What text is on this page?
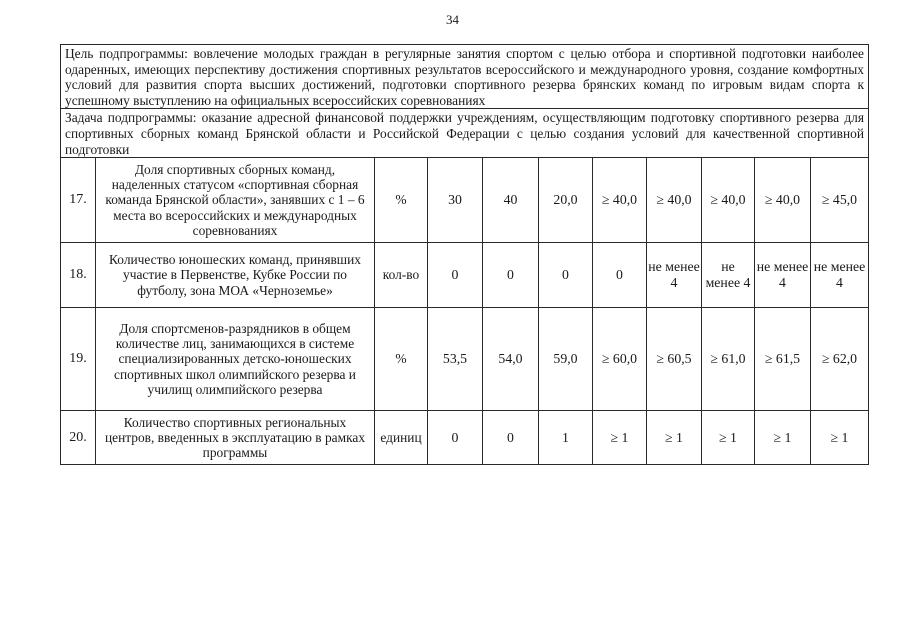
34
Цель подпрограммы: вовлечение молодых граждан в регулярные занятия спортом с целью отбора и спортивной подготовки наиболее одаренных, имеющих перспективу достижения спортивных результатов всероссийского и международного уровня, создание комфортных условий для развития спорта высших достижений, подготовки спортивного резерва брянских команд по игровым видам спорта к успешному выступлению на официальных всероссийских соревнованиях										
Задача подпрограммы: оказание адресной финансовой поддержки учреждениям, осуществляющим подготовку спортивного резерва для спортивных сборных команд Брянской области и Российской Федерации с целью создания условий для качественной спортивной подготовки										
17.	Доля спортивных сборных команд, наделенных статусом «спортивная сборная команда Брянской области», занявших с 1 – 6 места во всероссийских и международных соревнованиях	%	30	40	20,0	≥ 40,0	≥ 40,0	≥ 40,0	≥ 40,0	≥ 45,0
18.	Количество юношеских команд, принявших участие в Первенстве, Кубке России по футболу, зона МОА «Черноземье»	кол-во	0	0	0	0	не менее 4	не менее 4	не менее 4	не менее 4
19.	Доля спортсменов-разрядников в общем количестве лиц, занимающихся в системе специализированных детско-юношеских спортивных школ олимпийского резерва и училищ олимпийского резерва	%	53,5	54,0	59,0	≥ 60,0	≥ 60,5	≥ 61,0	≥ 61,5	≥ 62,0
20.	Количество спортивных региональных центров, введенных в эксплуатацию в рамках программы	единиц	0	0	1	≥ 1	≥ 1	≥ 1	≥ 1	≥ 1
